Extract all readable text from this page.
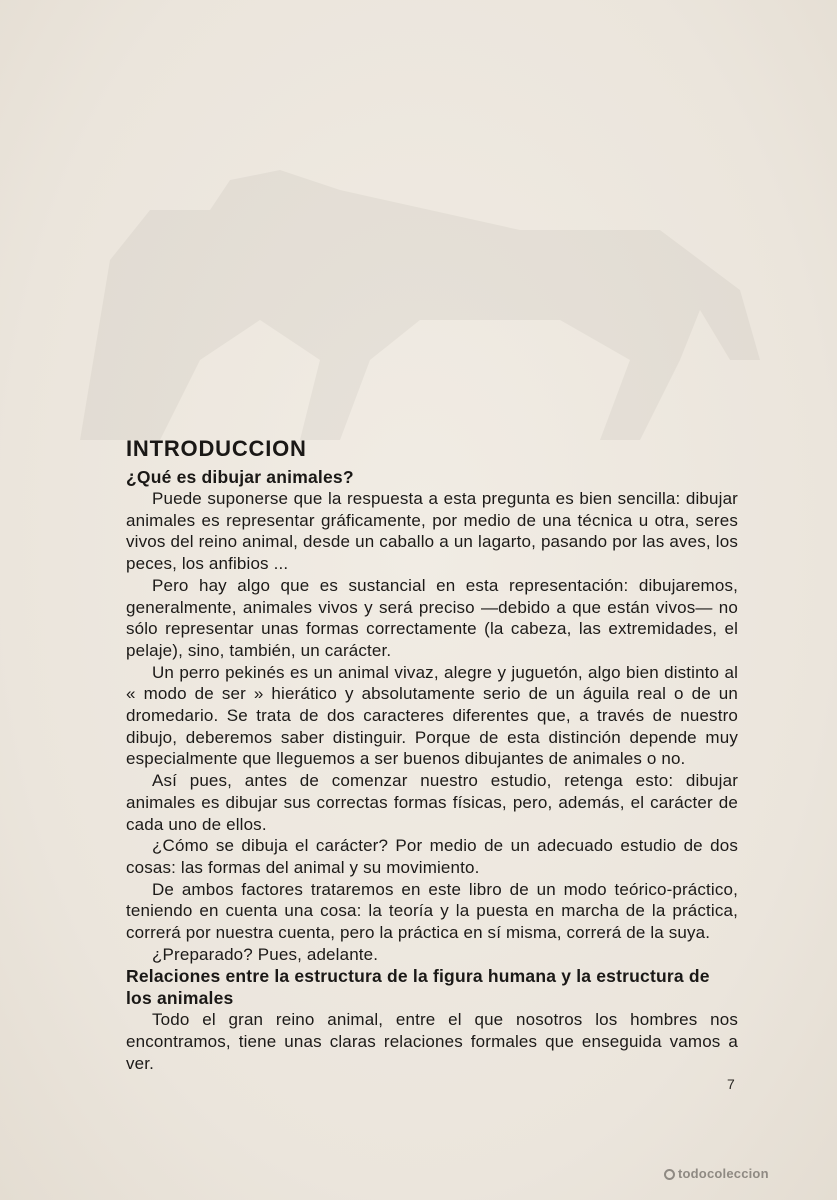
INTRODUCCION
¿Qué es dibujar animales?

Puede suponerse que la respuesta a esta pregunta es bien sencilla: dibujar animales es representar gráficamente, por medio de una técnica u otra, seres vivos del reino animal, desde un caballo a un lagarto, pasando por las aves, los peces, los anfibios ...

Pero hay algo que es sustancial en esta representación: dibujaremos, generalmente, animales vivos y será preciso —debido a que están vivos— no sólo representar unas formas correctamente (la cabeza, las extremidades, el pelaje), sino, también, un carácter.

Un perro pekinés es un animal vivaz, alegre y juguetón, algo bien distinto al « modo de ser » hierático y absolutamente serio de un águila real o de un dromedario. Se trata de dos caracteres diferentes que, a través de nuestro dibujo, deberemos saber distinguir. Porque de esta distinción depende muy especialmente que lleguemos a ser buenos dibujantes de animales o no.

Así pues, antes de comenzar nuestro estudio, retenga esto: dibujar animales es dibujar sus correctas formas físicas, pero, además, el carácter de cada uno de ellos.

¿Cómo se dibuja el carácter? Por medio de un adecuado estudio de dos cosas: las formas del animal y su movimiento.

De ambos factores trataremos en este libro de un modo teórico-práctico, teniendo en cuenta una cosa: la teoría y la puesta en marcha de la práctica, correrá por nuestra cuenta, pero la práctica en sí misma, correrá de la suya.

¿Preparado? Pues, adelante.

Relaciones entre la estructura de la figura humana y la estructura de los animales

Todo el gran reino animal, entre el que nosotros los hombres nos encontramos, tiene unas claras relaciones formales que enseguida vamos a ver.

7
todocoleccion
